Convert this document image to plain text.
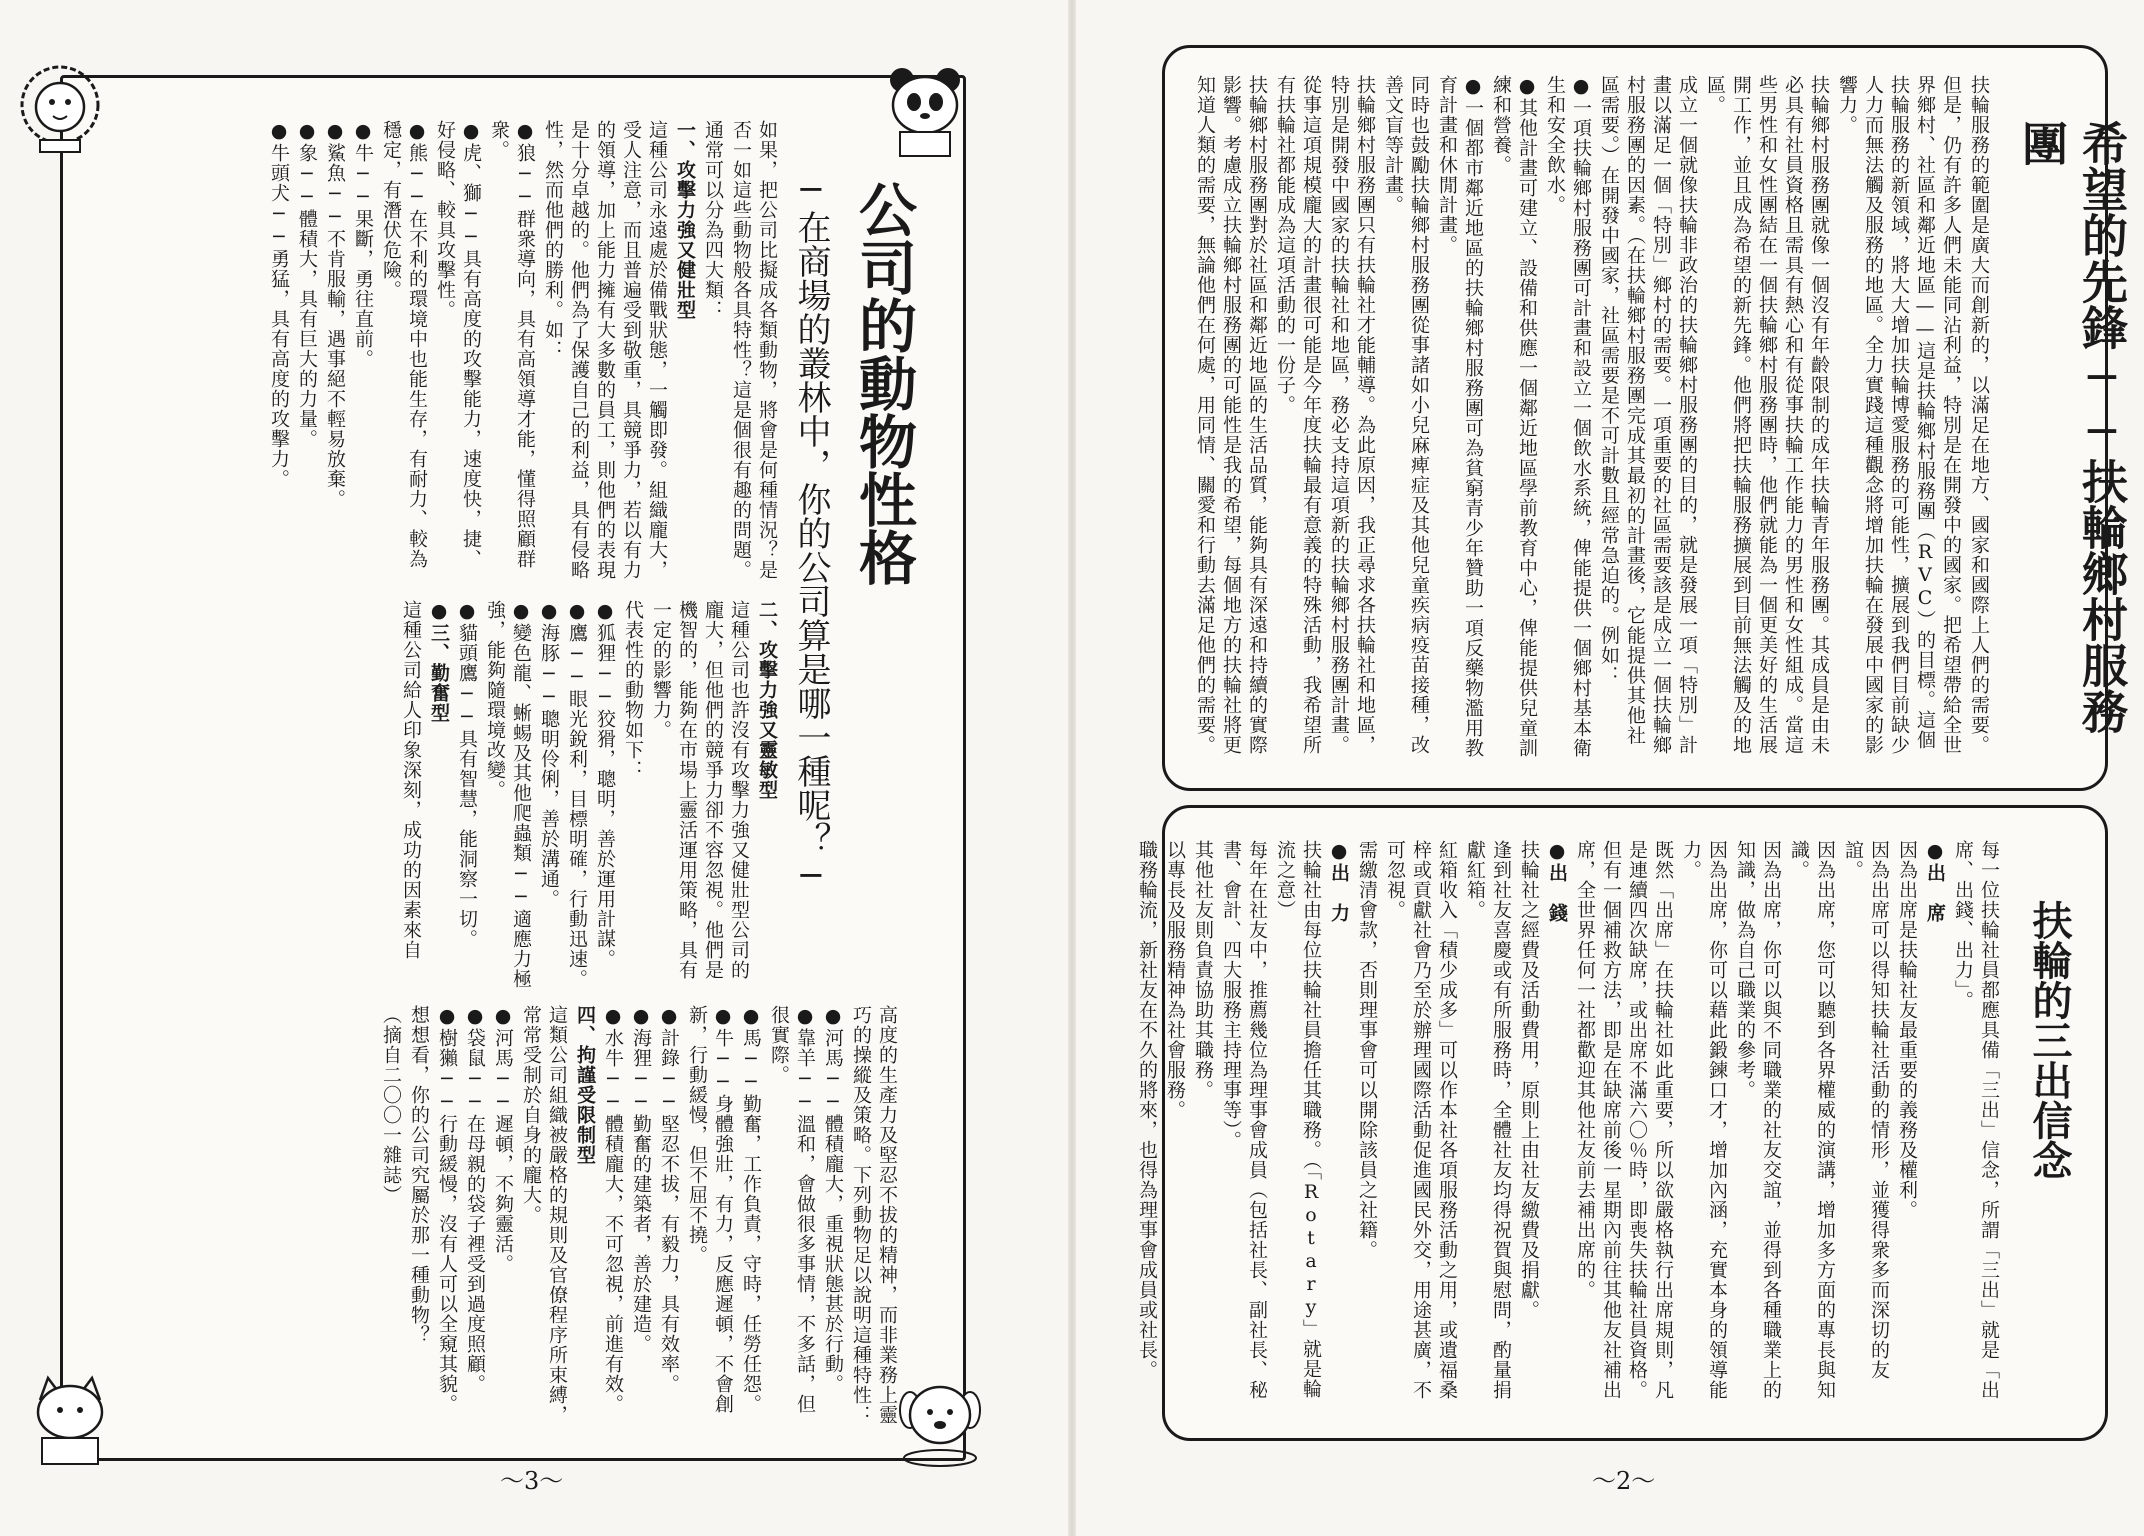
公司的動物性格
─在商場的叢林中，你的公司算是哪一種呢？─

如果，把公司比擬成各類動物，將會是何種情況？是否一如這些動物般各具特性？這是個很有趣的問題。

通常可以分為四大類：

一、攻擊力強又健壯型

這種公司永遠處於備戰狀態，一觸即發。組織龐大，受人注意，而且普遍受到敬重，具競爭力，若以有力的領導，加上能力擁有大多數的員工，則他們的表現是十分卓越的。他們為了保護自己的利益，具有侵略性，然而他們的勝利。如：

●狼──群衆導向，具有高領導才能，懂得照顧群衆。

●虎、獅──具有高度的攻擊能力，速度快，捷、好侵略、較具攻擊性。

●熊──在不利的環境中也能生存，有耐力、較為穩定，有潛伏危險。

●牛──果斷，勇往直前。

●鯊魚──不肯服輸，遇事絕不輕易放棄。

●象──體積大，具有巨大的力量。

●牛頭犬──勇猛，具有高度的攻擊力。

二、攻擊力強又靈敏型

這種公司也許沒有攻擊力強又健壯型公司的龐大，但他們的競爭力卻不容忽視。他們是機智的，能夠在市場上靈活運用策略，具有一定的影響力。

代表性的動物如下：

●狐狸──狡猾，聰明，善於運用計謀。

●鷹──眼光銳利，目標明確，行動迅速。

●海豚──聰明伶俐，善於溝通。

●變色龍、蜥蜴及其他爬蟲類──適應力極強，能夠隨環境改變。

●貓頭鷹──具有智慧，能洞察一切。

●三、勤奮型

這種公司給人印象深刻，成功的因素來自

高度的生產力及堅忍不拔的精神，而非業務上靈巧的操縱及策略。下列動物足以說明這種特性：

●河馬──體積龐大，重視狀態甚於行動。

●靠羊──溫和，會做很多事情，不多話，但很實際。

●馬──勤奮，工作負責，守時，任勞任怨。

●牛──身體強壯，有力，反應遲頓，不會創新，行動緩慢，但不屈不撓。

●計錄──堅忍不拔，有毅力，具有效率。

●海狸──勤奮的建築者，善於建造。

●水牛──體積龐大，不可忽視，前進有效。

四、拘謹受限制型

這類公司組織被嚴格的規則及官僚程序所束縛，常常受制於自身的龐大。

●河馬──遲頓，不夠靈活。

●袋鼠──在母親的袋子裡受到過度照顧。

●樹獺──行動緩慢，沒有人可以全窺其貌。

想想看，你的公司究屬於那一種動物？

（摘自二〇〇一雜誌）

～3～
希望的先鋒──扶輪鄉村服務團

扶輪服務的範圍是廣大而創新的，以滿足在地方、國家和國際上人們的需要。

但是，仍有許多人們未能同沾利益，特別是在開發中的國家。把希望帶給全世界鄉村、社區和鄰近地區——這是扶輪鄉村服務團（RVC）的目標。這個扶輪服務的新領域，將大大增加扶輪博愛服務的可能性，擴展到我們目前缺少人力而無法觸及服務的地區。全力實踐這種觀念將增加扶輪在發展中國家的影響力。

扶輪鄉村服務團就像一個沒有年齡限制的成年扶輪青年服務團。其成員是由未必具有社員資格且需具有熱心和有從事扶輪工作能力的男性和女性組成。當這些男性和女性團結在一個扶輪鄉村服務團時，他們就能為一個更美好的生活展開工作，並且成為希望的新先鋒。他們將把扶輪服務擴展到目前無法觸及的地區。

成立一個就像扶輪非政治的扶輪鄉村服務團的目的，就是發展一項「特別」計畫以滿足一個「特別」鄉村的需要。一項重要的社區需要該是成立一個扶輪鄉村服務團的因素。（在扶輪鄉村服務團完成其最初的計畫後，它能提供其他社區需要。）在開發中國家，社區需要是不可計數且經常急迫的。例如：

●一項扶輪鄉村服務團可計畫和設立一個飲水系統，俾能提供一個鄉村基本衛生和安全飲水。

●其他計畫可建立、設備和供應一個鄰近地區學前教育中心，俾能提供兒童訓練和營養。

●一個都市鄰近地區的扶輪鄉村服務團可為貧窮青少年贊助一項反藥物濫用教育計畫和休閒計畫。

同時也鼓勵扶輪鄉村服務團從事諸如小兒麻痺症及其他兒童疾病疫苗接種，改善文盲等計畫。

扶輪鄉村服務團只有扶輪社才能輔導。為此原因，我正尋求各扶輪社和地區，特別是開發中國家的扶輪社和地區，務必支持這項新的扶輪鄉村服務團計畫。

從事這項規模龐大的計畫很可能是今年度扶輪最有意義的特殊活動，我希望所有扶輪社都能成為這項活動的一份子。

扶輪鄉村服務團對於社區和鄰近地區的生活品質，能夠具有深遠和持續的實際影響。考慮成立扶輪鄉村服務團的可能性是我的希望，每個地方的扶輪社將更知道人類的需要，無論他們在何處，用同情、關愛和行動去滿足他們的需要。

扶輪的三出信念

每一位扶輪社員都應具備「三出」信念，所謂「三出」就是「出席、出錢、出力」。

●出　席

因為出席是扶輪社友最重要的義務及權利。

因為出席可以得知扶輪社活動的情形，並獲得衆多而深切的友誼。

因為出席，您可以聽到各界權威的演講，增加多方面的專長與知識。

因為出席，你可以與不同職業的社友交誼，並得到各種職業上的知識，做為自己職業的參考。

因為出席，你可以藉此鍛鍊口才，增加內涵，充實本身的領導能力。

既然「出席」在扶輪社如此重要，所以欲嚴格執行出席規則，凡是連續四次缺席，或出席不滿六〇％時，即喪失扶輪社員資格。但有一個補救方法，即是在缺席前後一星期內前往其他友社補出席，全世界任何一社都歡迎其他社友前去補出席的。

●出　錢

扶輪社之經費及活動費用，原則上由社友繳費及捐獻。

逢到社友喜慶或有所服務時，全體社友均得祝賀與慰問，酌量捐獻紅箱。

紅箱收入「積少成多」可以作本社各項服務活動之用，或遺福桑梓或貢獻社會乃至於辦理國際活動促進國民外交，用途甚廣，不可忽視。

需繳清會款，否則理事會可以開除該員之社籍。

●出　力

扶輪社由每位扶輪社員擔任其職務。（「Rotary」就是輪流之意）

每年在社友中，推薦幾位為理事會成員（包括社長、副社長、秘書、會計、四大服務主持理事等）。

其他社友則負責協助其職務。

以專長及服務精神為社會服務。

職務輪流，新社友在不久的將來，也得為理事會成員或社長。

～2～
